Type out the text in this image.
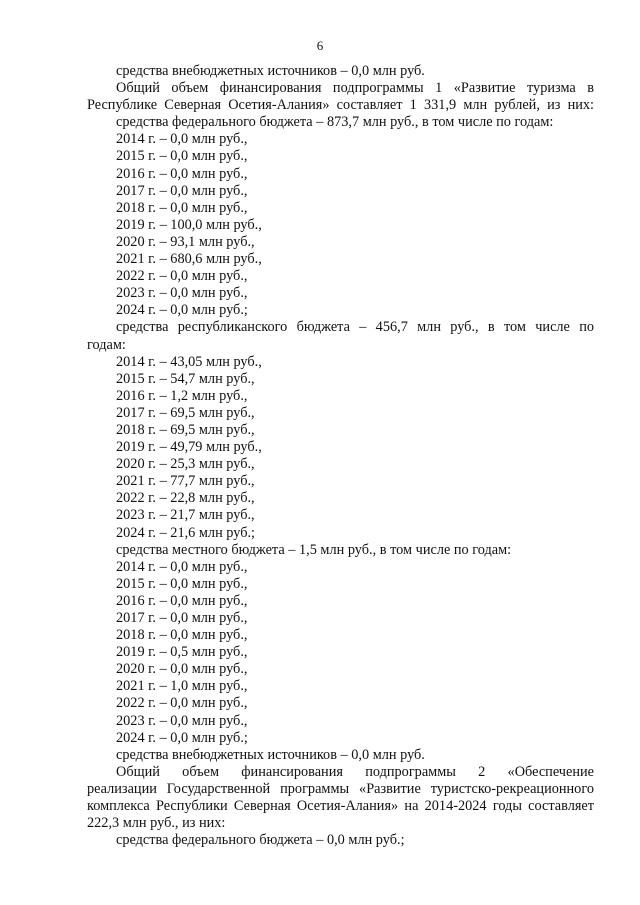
6
средства внебюджетных источников – 0,0 млн руб.
Общий объем финансирования подпрограммы 1 «Развитие туризма в
Республике Северная Осетия-Алания» составляет 1 331,9 млн рублей, из них:
средства федерального бюджета – 873,7 млн руб., в том числе по годам:
2014 г. – 0,0 млн руб.,
2015 г. – 0,0 млн руб.,
2016 г. – 0,0 млн руб.,
2017 г. – 0,0 млн руб.,
2018 г. – 0,0 млн руб.,
2019 г. – 100,0 млн руб.,
2020 г. – 93,1 млн руб.,
2021 г. – 680,6 млн руб.,
2022 г. – 0,0 млн руб.,
2023 г. – 0,0 млн руб.,
2024 г. – 0,0 млн руб.;
средства республиканского бюджета – 456,7 млн руб., в том числе по
годам:
2014 г. – 43,05 млн руб.,
2015 г. – 54,7 млн руб.,
2016 г. – 1,2 млн руб.,
2017 г. – 69,5 млн руб.,
2018 г. – 69,5 млн руб.,
2019 г. – 49,79 млн руб.,
2020 г. – 25,3 млн руб.,
2021 г. – 77,7 млн руб.,
2022 г. – 22,8 млн руб.,
2023 г. – 21,7 млн руб.,
2024 г. – 21,6 млн руб.;
средства местного бюджета – 1,5 млн руб., в том числе по годам:
2014 г. – 0,0 млн руб.,
2015 г. – 0,0 млн руб.,
2016 г. – 0,0 млн руб.,
2017 г. – 0,0 млн руб.,
2018 г. – 0,0 млн руб.,
2019 г. – 0,5 млн руб.,
2020 г. – 0,0 млн руб.,
2021 г. – 1,0 млн руб.,
2022 г. – 0,0 млн руб.,
2023 г. – 0,0 млн руб.,
2024 г. – 0,0 млн руб.;
средства внебюджетных источников – 0,0 млн руб.
Общий объем финансирования подпрограммы 2 «Обеспечение
реализации Государственной программы «Развитие туристско-рекреационного
комплекса Республики Северная Осетия-Алания» на 2014-2024 годы составляет
222,3 млн руб., из них:
средства федерального бюджета – 0,0 млн руб.;
